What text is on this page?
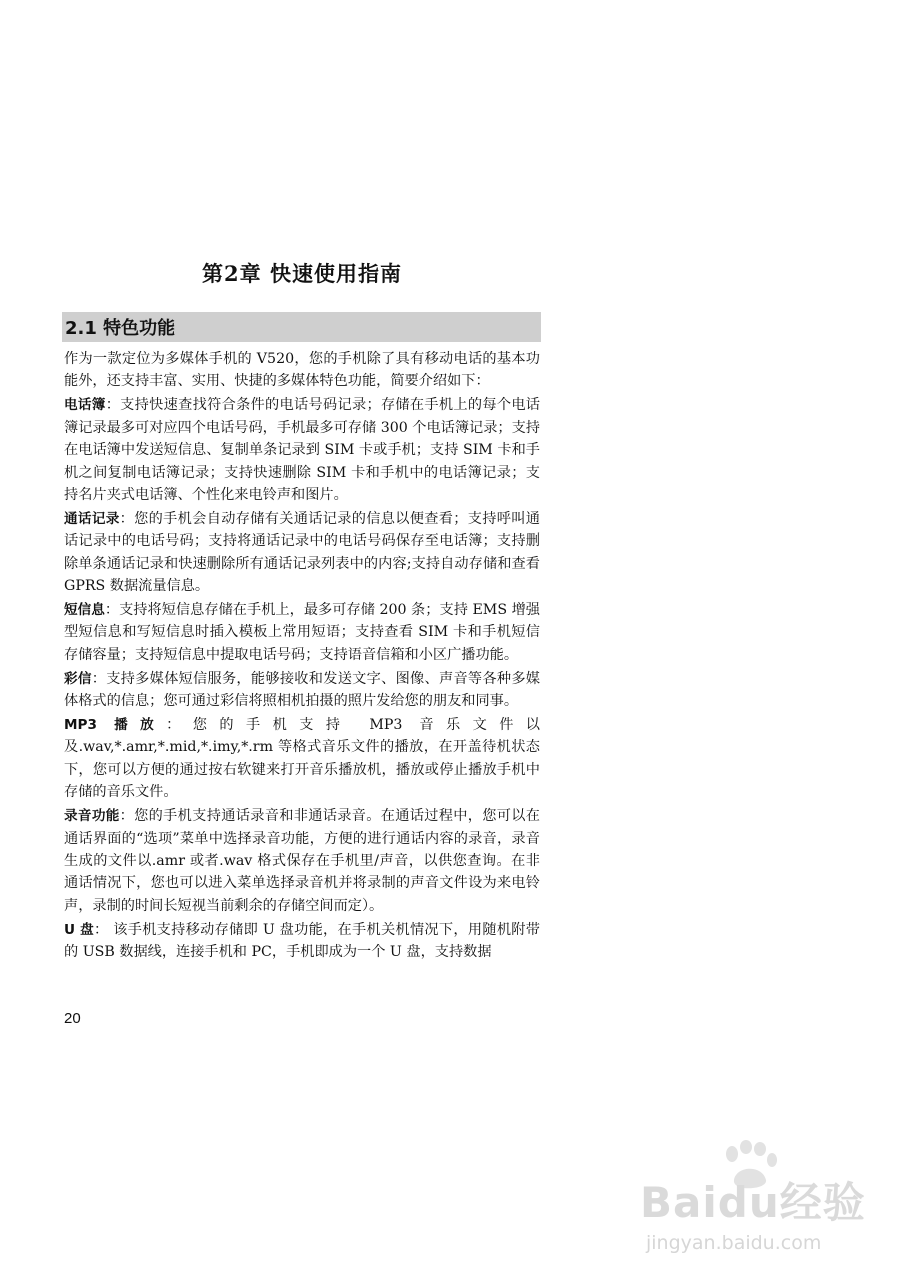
第2章 快速使用指南
2.1 特色功能

作为一款定位为多媒体手机的 V520，您的手机除了具有移动电话的基本功能外，还支持丰富、实用、快捷的多媒体特色功能，简要介绍如下：

电话簿：支持快速查找符合条件的电话号码记录；存储在手机上的每个电话簿记录最多可对应四个电话号码，手机最多可存储 300 个电话簿记录；支持在电话簿中发送短信息、复制单条记录到 SIM 卡或手机；支持 SIM 卡和手机之间复制电话簿记录；支持快速删除 SIM 卡和手机中的电话簿记录；支持名片夹式电话簿、个性化来电铃声和图片。

通话记录：您的手机会自动存储有关通话记录的信息以便查看；支持呼叫通话记录中的电话号码；支持将通话记录中的电话号码保存至电话簿；支持删除单条通话记录和快速删除所有通话记录列表中的内容;支持自动存储和查看 GPRS 数据流量信息。

短信息：支持将短信息存储在手机上，最多可存储 200 条；支持 EMS 增强型短信息和写短信息时插入模板上常用短语；支持查看 SIM 卡和手机短信存储容量；支持短信息中提取电话号码；支持语音信箱和小区广播功能。

彩信：支持多媒体短信服务，能够接收和发送文字、图像、声音等各种多媒体格式的信息；您可通过彩信将照相机拍摄的照片发给您的朋友和同事。

MP3 播放：您的手机支持 MP3 音乐文件以及.wav,*.amr,*.mid,*.imy,*.rm 等格式音乐文件的播放，在开盖待机状态下，您可以方便的通过按右软键来打开音乐播放机，播放或停止播放手机中存储的音乐文件。

录音功能：您的手机支持通话录音和非通话录音。在通话过程中，您可以在通话界面的“选项”菜单中选择录音功能，方便的进行通话内容的录音，录音生成的文件以.amr 或者.wav 格式保存在手机里/声音，以供您查询。在非通话情况下，您也可以进入菜单选择录音机并将录制的声音文件设为来电铃声，录制的时间长短视当前剩余的存储空间而定）。

U 盘： 该手机支持移动存储即 U 盘功能，在手机关机情况下，用随机附带的 USB 数据线，连接手机和 PC，手机即成为一个 U 盘，支持数据

20
Baidu经验
jingyan.baidu.com
